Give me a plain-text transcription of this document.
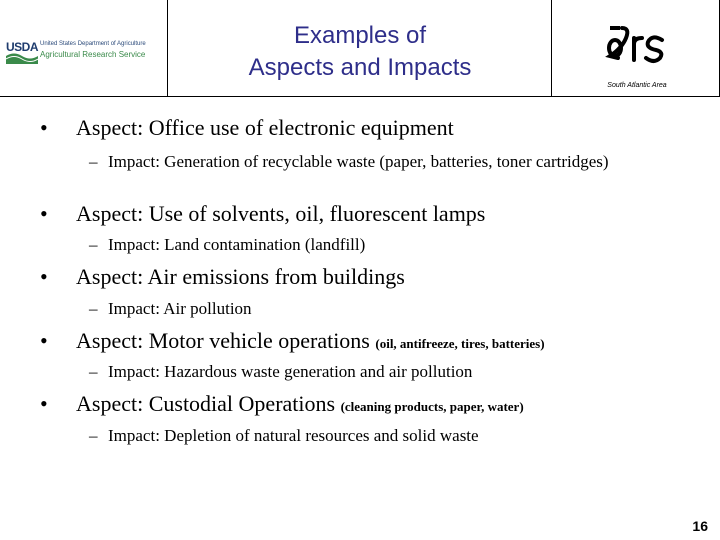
USDA United States Department of Agriculture
Agricultural Research Service
Examples of
Aspects and Impacts
South Atlantic Area
• Aspect: Office use of electronic equipment
– Impact: Generation of recyclable waste (paper, batteries, toner cartridges)
• Aspect: Use of solvents, oil, fluorescent lamps
– Impact: Land contamination (landfill)
• Aspect: Air emissions from buildings
– Impact: Air pollution
• Aspect: Motor vehicle operations (oil, antifreeze, tires, batteries)
– Impact: Hazardous waste generation and air pollution
• Aspect: Custodial Operations (cleaning products, paper, water)
– Impact: Depletion of natural resources and solid waste
16
